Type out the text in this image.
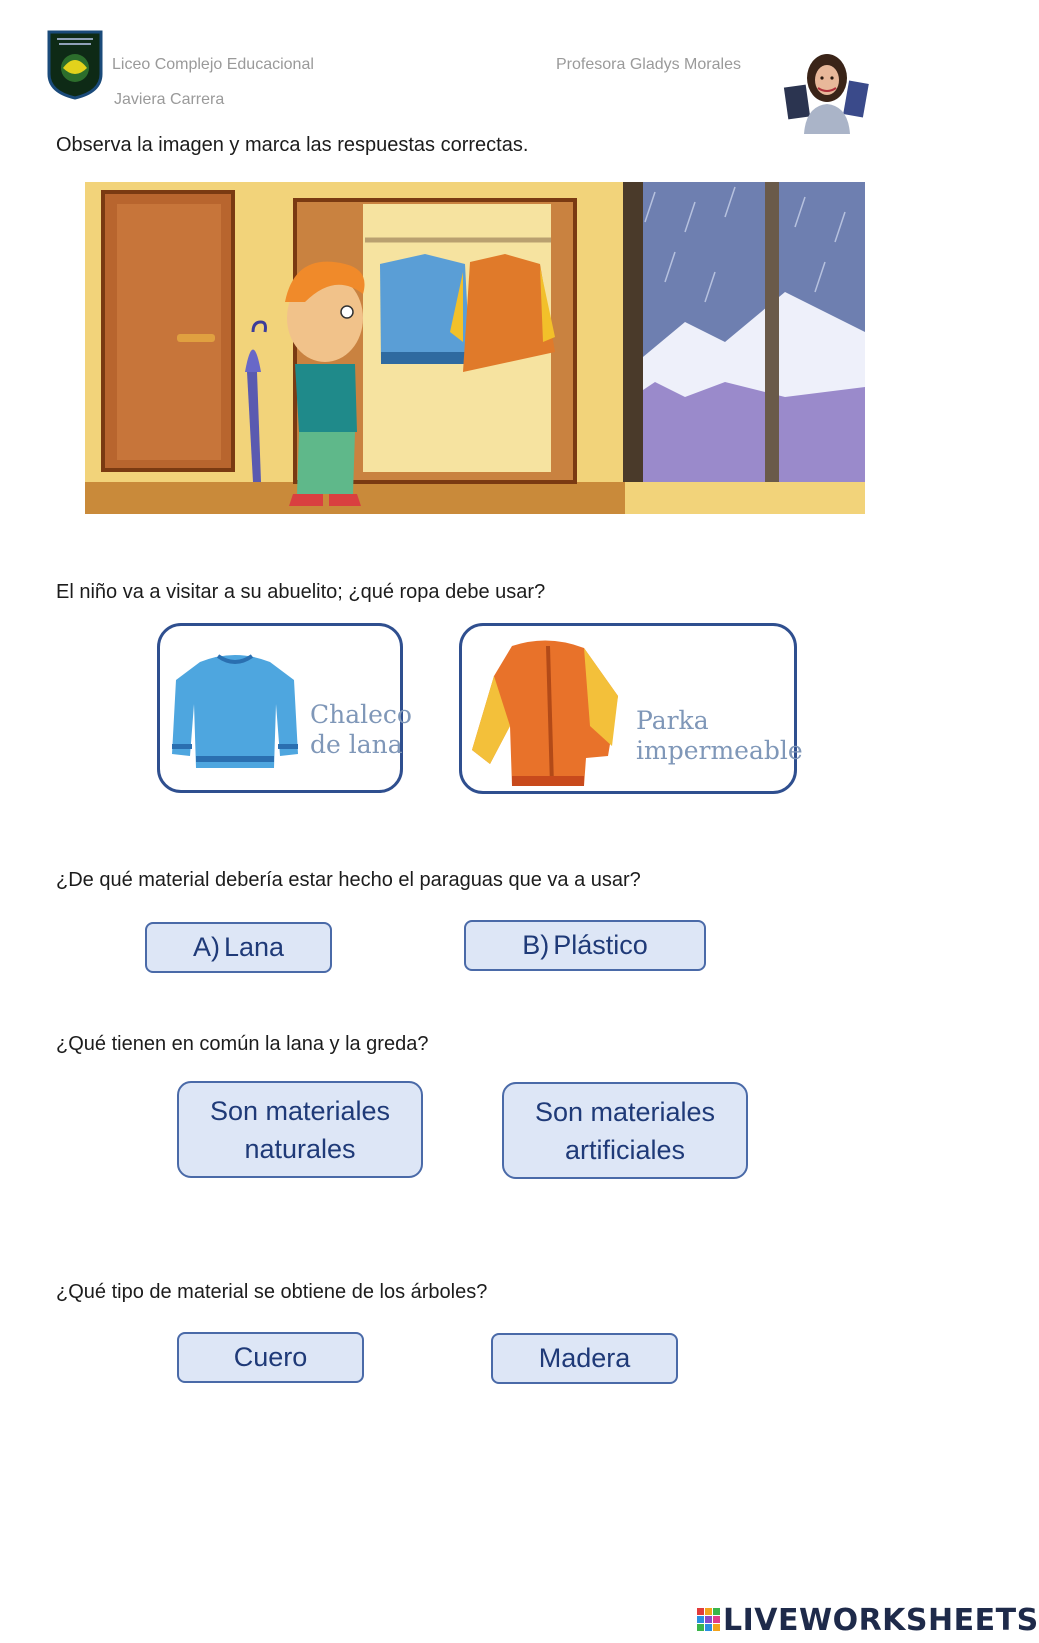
Liceo Complejo Educacional
Javiera Carrera
Profesora Gladys Morales
Observa la imagen y marca las respuestas correctas.
El niño va a visitar a su abuelito; ¿qué ropa debe usar?
Chaleco
de lana
Parka
impermeable
¿De qué material debería estar hecho el paraguas que va a usar?
A) Lana	B) Plástico
¿Qué tienen en común la lana y la greda?
Son materiales
naturales
Son materiales
artificiales
¿Qué tipo de material se obtiene de los árboles?
Cuero	Madera
LIVEWORKSHEETS
